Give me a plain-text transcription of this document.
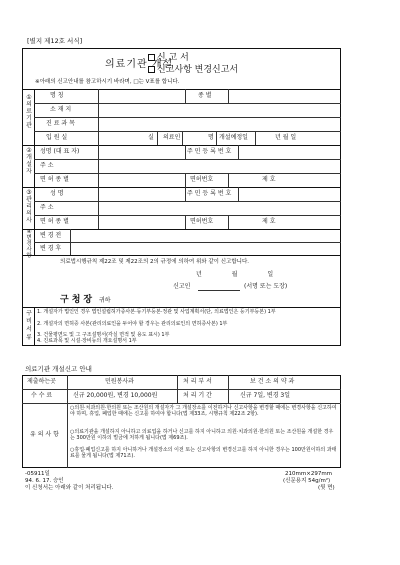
[별지 제12호 서식]
의료기관 개설
신 고 서
신고사항 변경신고서
※아래의 신고안내를 참고하시기 바라며, □는 V표를 합니다.
①의료기관
명 칭	종 별
소 재 지
진 료 과 목
입 원 실	실 의료인	명 개설예정일	년 월 일
②개설자
성명 (대 표 자)	주 민 등 록 번 호
주 소
면 허 종 별	면허번호	제 호
③관리의사
성 명	주 민 등 록 번 호
주 소
면 허 종 별	면허번호	제 호
④변경사항
변 경 전
변 경 후
의료법시행규칙 제22조 및 제22조의 2의 규정에 의하여 위와 같이 신고합니다.
년 월 일
신고인	(서명 또는 도장)
구청장 귀하
구비서류
1. 개설자가 법인인 경우 법인설립허가증사본·등기부등본·정관 및 사업계획서(단, 의료법인은 등기부등본) 1부
2. 개설자의 면허증 사본(관리의료인을 두어야 할 경우는 관리의료인의 면허증사본) 1부
3. 건물평면도 및 그 구조설명서(각실 면적 및 용도 표시) 1부
4. 진료과목 및 시설·장비등의 개요설명서 1부
의료기관 개설신고 안내
제출하는곳	민원봉사과	처 리 부 서	보 건 소 의 약 과
수 수 료	신규 20,000원, 변경 10,000원	처 리 기 간	신규 7일, 변경 3일
유 의 사 항
○의원·치과의원·한의원 또는 조산원의 개설자가 그 개설장소를 이전하거나 신고사항을 변경할 때에는 변경사항을 신고하여야 하며, 휴업, 폐업한 때에는 신고를 하여야 합니다(법 제33조, 시행규칙 제22조 2항).
○의료기관을 개설하지 아니하고 의료업을 하거나 신고를 하지 아니하고 의원·치과의원·한의원 또는 조산원을 개설한 경우는 300만원 이하의 벌금에 처하게 됩니다(법 제69조).
○휴업·폐업신고를 하지 아니하거나 개설장소의 이전 또는 신고사항의 변경신고를 하지 아니한 경우는 100만원이하의 과태료를 물게 됩니다(법 제71조).
-05911일
94. 6. 17. 승인
이 신청서는 아래와 같이 처리됩니다.
210mm×297mm
(신문용지 54g/m²)
(뒷 면)
